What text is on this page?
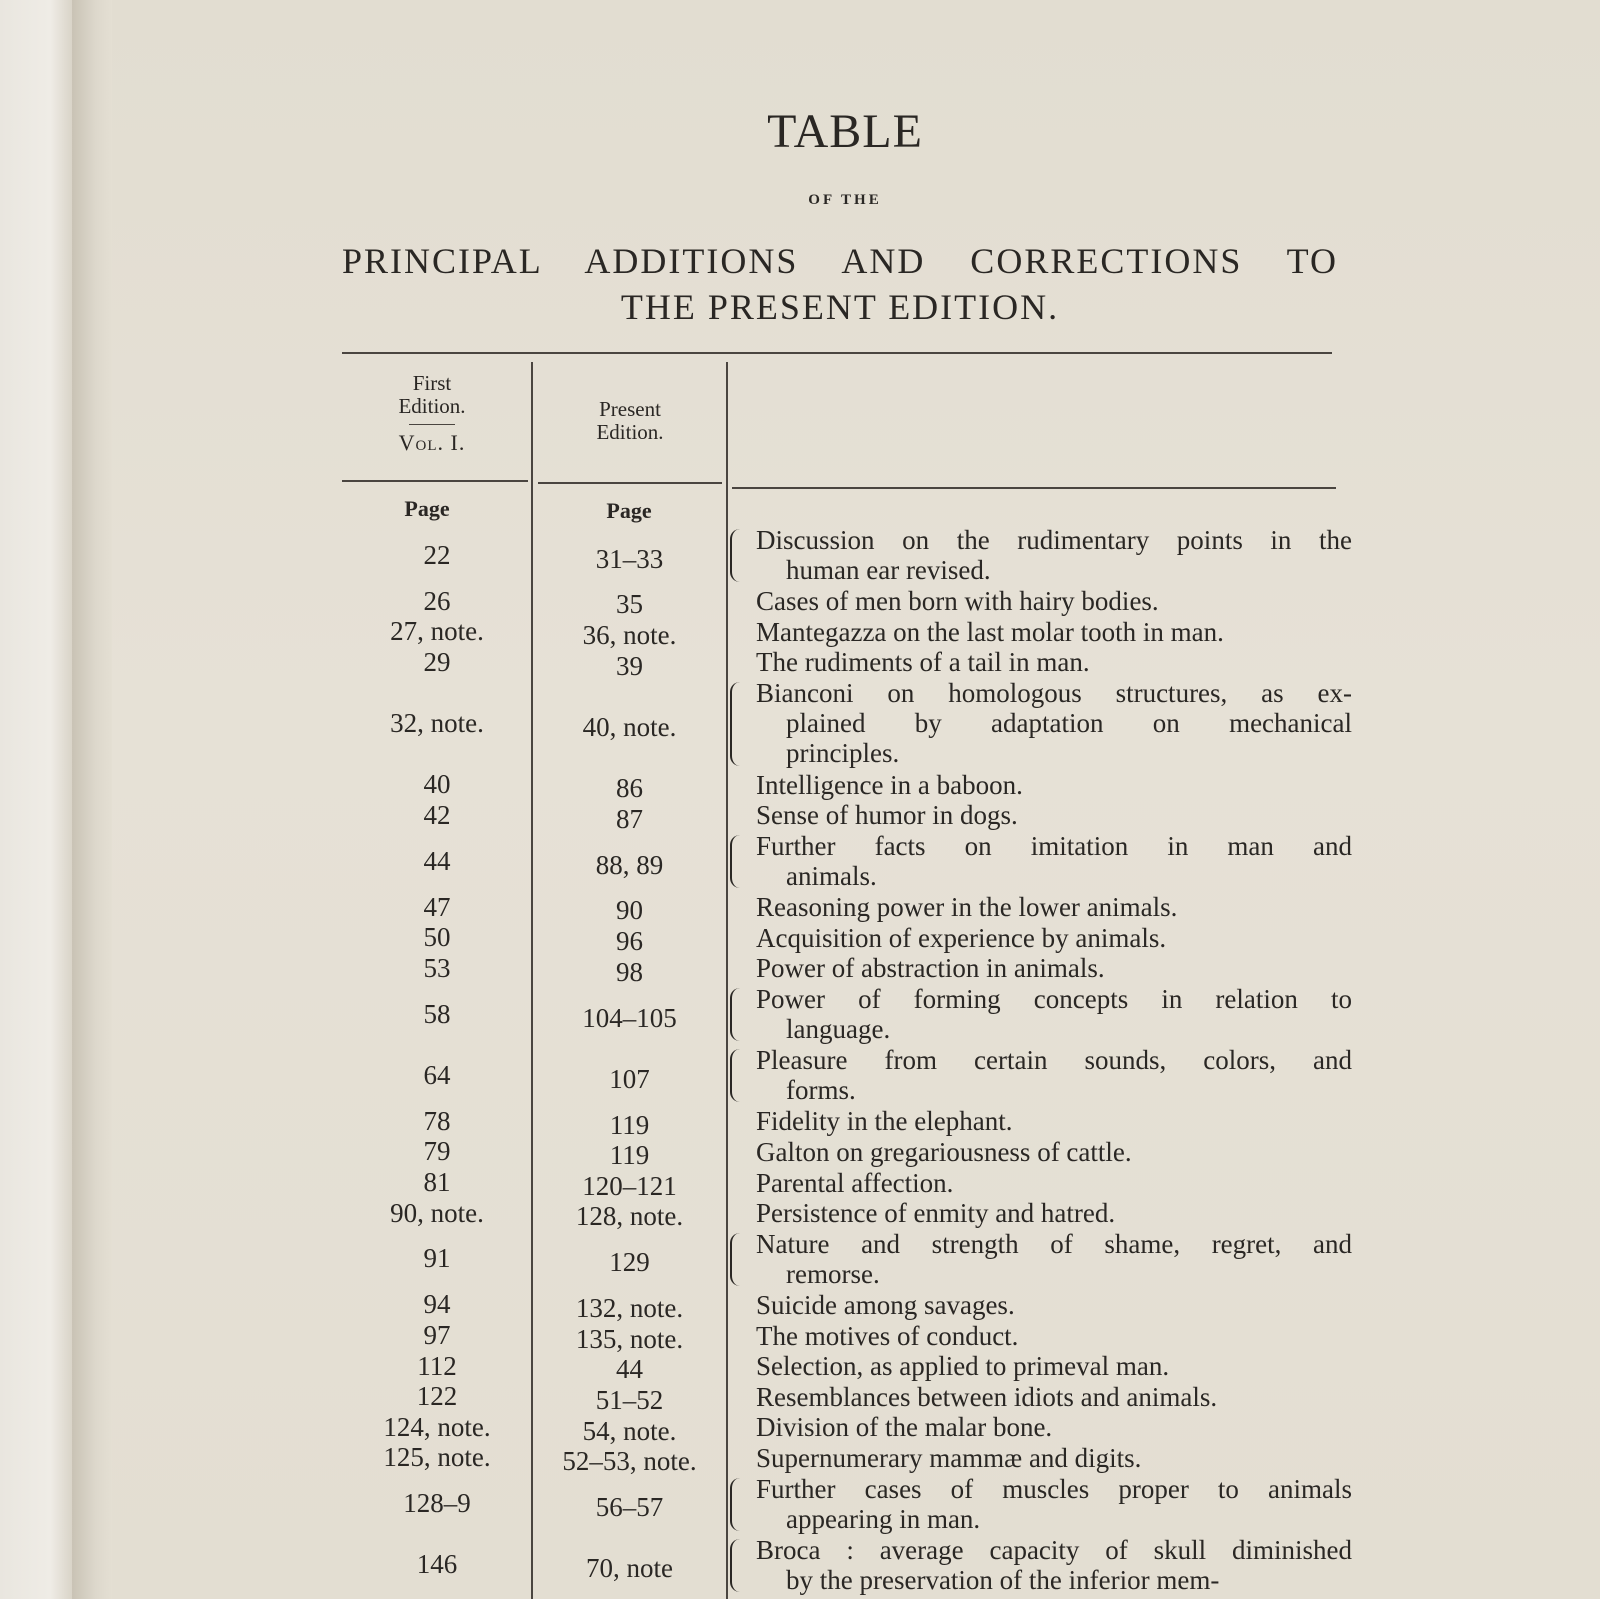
TABLE
OF THE
PRINCIPAL ADDITIONS AND CORRECTIONS TO
THE PRESENT EDITION.
First Edition.
Vol. I.
Present Edition.
Page	Page
22	31–33
Discussion on the rudimentary points in the
human ear revised.
26	35	Cases of men born with hairy bodies.
27, note.	36, note.	Mantegazza on the last molar tooth in man.
29	39	The rudiments of a tail in man.
32, note.	40, note.
Bianconi on homologous structures, as ex-
plained by adaptation on mechanical
principles.
40	86	Intelligence in a baboon.
42	87	Sense of humor in dogs.
44	88, 89
Further facts on imitation in man and
animals.
47	90	Reasoning power in the lower animals.
50	96	Acquisition of experience by animals.
53	98	Power of abstraction in animals.
58	104–105
Power of forming concepts in relation to
language.
64	107
Pleasure from certain sounds, colors, and
forms.
78	119	Fidelity in the elephant.
79	119	Galton on gregariousness of cattle.
81	120–121	Parental affection.
90, note.	128, note.	Persistence of enmity and hatred.
91	129
Nature and strength of shame, regret, and
remorse.
94	132, note.	Suicide among savages.
97	135, note.	The motives of conduct.
112	44	Selection, as applied to primeval man.
122	51–52	Resemblances between idiots and animals.
124, note.	54, note.	Division of the malar bone.
125, note.	52–53, note.	Supernumerary mammæ and digits.
128–9	56–57
Further cases of muscles proper to animals
appearing in man.
146	70, note
Broca : average capacity of skull diminished
by the preservation of the inferior mem-
